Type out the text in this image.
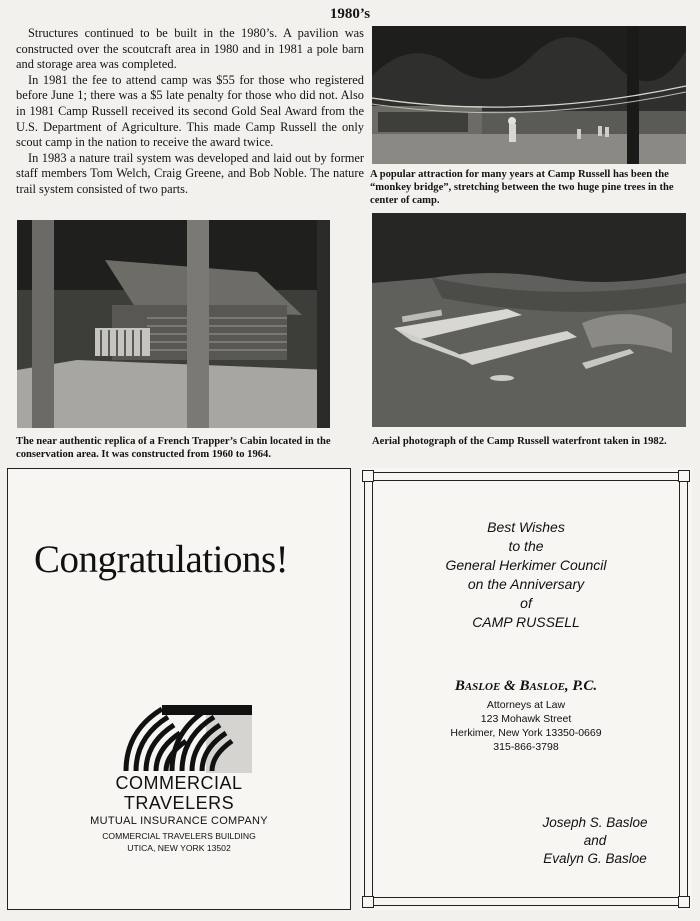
1980’s

Structures continued to be built in the 1980’s. A pavilion was constructed over the scoutcraft area in 1980 and in 1981 a pole barn and storage area was completed.

In 1981 the fee to attend camp was $55 for those who registered before June 1; there was a $5 late penalty for those who did not. Also in 1981 Camp Russell received its second Gold Seal Award from the U.S. Department of Agriculture. This made Camp Russell the only scout camp in the nation to receive the award twice.

In 1983 a nature trail system was developed and laid out by former staff members Tom Welch, Craig Greene, and Bob Noble. The nature trail system consisted of two parts.

A popular attraction for many years at Camp Russell has been the “monkey bridge”, stretching between the two huge pine trees in the center of camp.
The near authentic replica of a French Trapper’s Cabin located in the conservation area. It was constructed from 1960 to 1964.
Aerial photograph of the Camp Russell waterfront taken in 1982.

Congratulations!
COMMERCIAL
TRAVELERS
MUTUAL INSURANCE COMPANY
COMMERCIAL TRAVELERS BUILDING
UTICA, NEW YORK 13502
Best Wishes
to the
General Herkimer Council
on the Anniversary
of
CAMP RUSSELL
Basloe & Basloe, P.C.
Attorneys at Law
123 Mohawk Street
Herkimer, New York 13350-0669
315-866-3798
Joseph S. Basloe
and
Evalyn G. Basloe
